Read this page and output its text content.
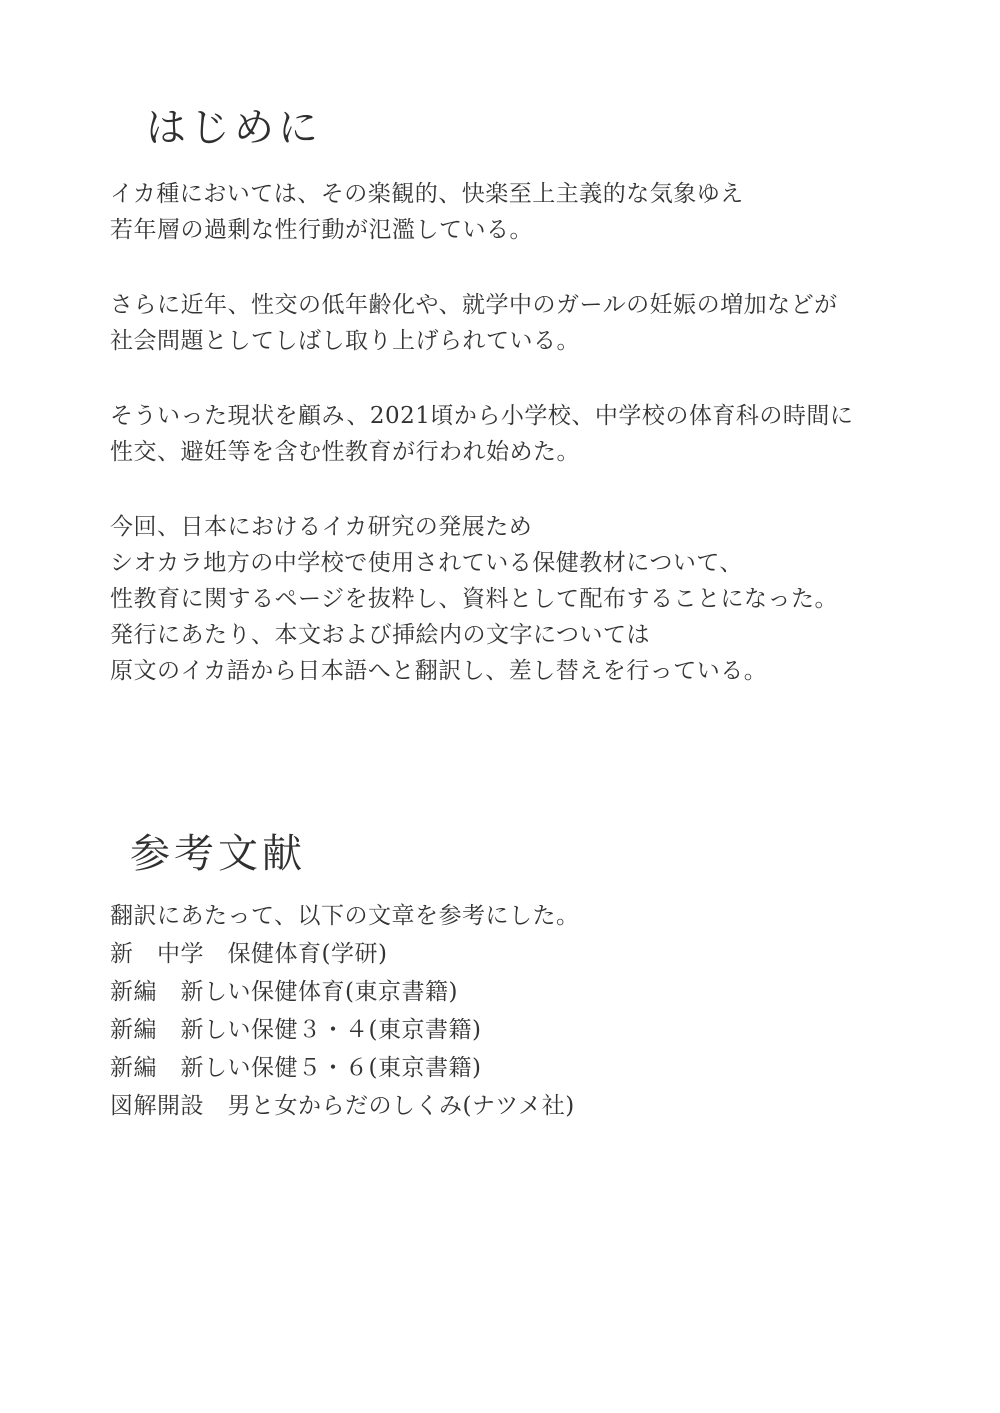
はじめに

イカ種においては、その楽観的、快楽至上主義的な気象ゆえ
若年層の過剰な性行動が氾濫している。

さらに近年、性交の低年齢化や、就学中のガールの妊娠の増加などが
社会問題としてしばし取り上げられている。

そういった現状を顧み、2021頃から小学校、中学校の体育科の時間に
性交、避妊等を含む性教育が行われ始めた。

今回、日本におけるイカ研究の発展ため
シオカラ地方の中学校で使用されている保健教材について、
性教育に関するページを抜粋し、資料として配布することになった。
発行にあたり、本文および挿絵内の文字については
原文のイカ語から日本語へと翻訳し、差し替えを行っている。

参考文献

翻訳にあたって、以下の文章を参考にした。

新　中学　保健体育(学研)

新編　新しい保健体育(東京書籍)

新編　新しい保健３・４(東京書籍)

新編　新しい保健５・６(東京書籍)

図解開設　男と女からだのしくみ(ナツメ社)
